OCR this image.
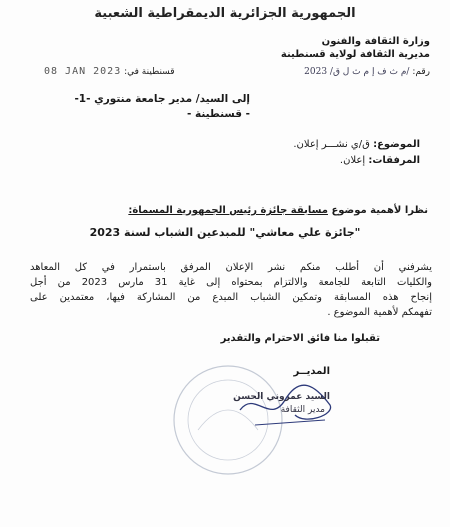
الجمهورية الجزائرية الديمقراطية الشعبية
وزارة الثقافة والفنون
مديرية الثقافة لولاية قسنطينة
رقم: /م ث ف إ م ث ل ق/ 2023
08 JAN 2023 قسنطينة في:
إلى السيد/ مدير جامعة منتوري -1-
- قسنطينة -
الموضوع: ق/ي نشـــر إعلان.
المرفقات: إعلان.
نظرا لأهمية موضوع مسابقة جائزة رئيس الجمهورية المسماة:
"جائزة علي معاشي" للمبدعين الشباب لسنة 2023
يشرفني أن أطلب منكم نشر الإعلان المرفق باستمرار في كل المعاهد
والكليات التابعة للجامعة والالتزام بمحتواه إلى غاية 31 مارس 2023 من أجل
إنجاح هذه المسابقة وتمكين الشباب المبدع من المشاركة فيها، معتمدين على
تفهمكم لأهمية الموضوع .
تقبلوا منا فائق الاحترام والتقدير
المديــر
السيد عمروني الحسن
مدير الثقافة
